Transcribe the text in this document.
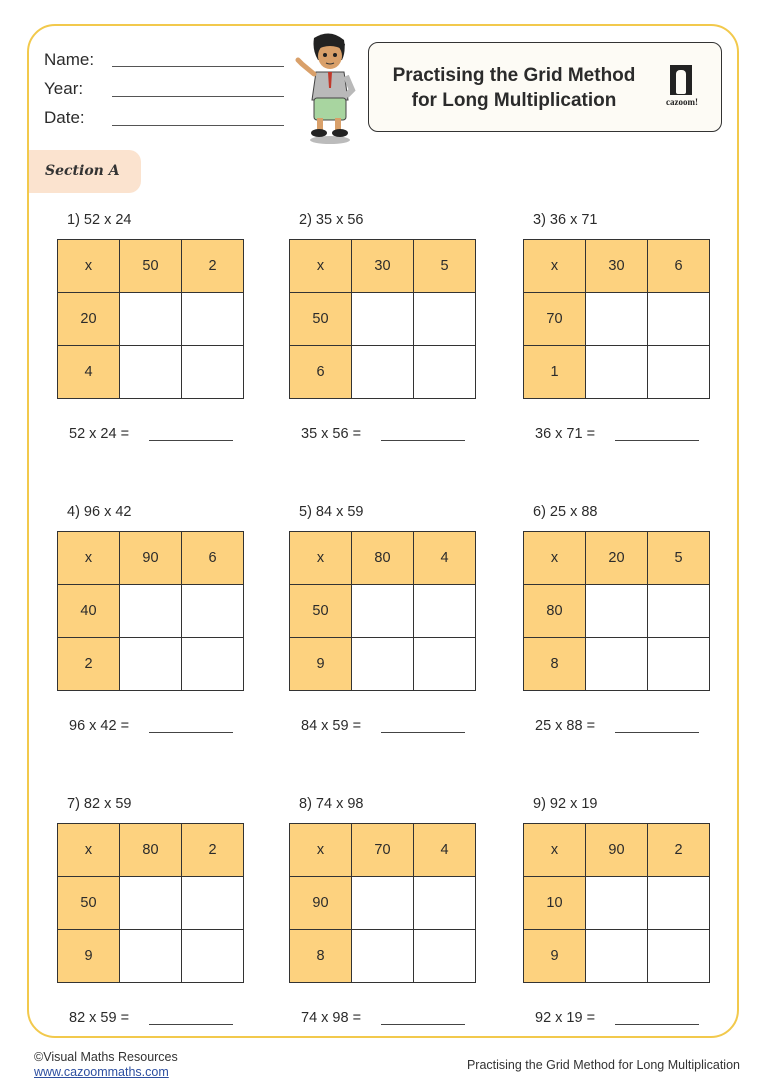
Name:
Year:
Date:
Practising the Grid Method
for Long Multiplication	cazoom!
Section A
1) 52 x 24
x	50	2
20		
4		
52 x 24 =
2) 35 x 56
x	30	5
50		
6		
35 x 56 =
3) 36 x 71
x	30	6
70		
1		
36 x 71 =
4) 96 x 42
x	90	6
40		
2		
96 x 42 =
5) 84 x 59
x	80	4
50		
9		
84 x 59 =
6) 25 x 88
x	20	5
80		
8		
25 x 88 =
7) 82 x 59
x	80	2
50		
9		
82 x 59 =
8) 74 x 98
x	70	4
90		
8		
74 x 98 =
9) 92 x 19
x	90	2
10		
9		
92 x 19 =
©Visual Maths Resources
www.cazoommaths.com	Practising the Grid Method for Long Multiplication
